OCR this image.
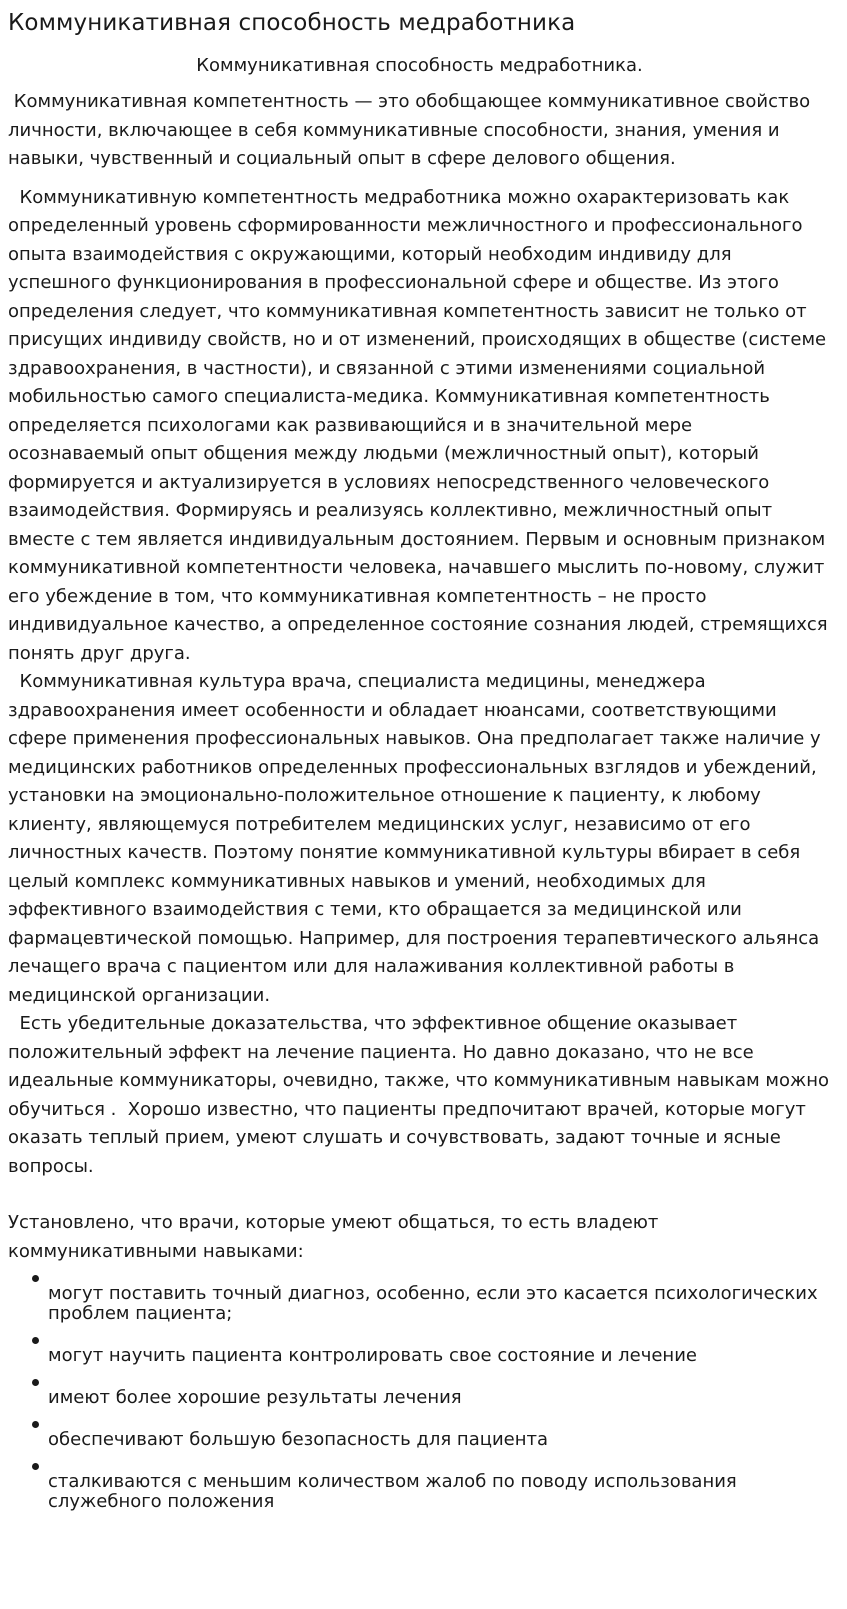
Коммуникативная способность медработника
Коммуникативная способность медработника.

Коммуникативная компетентность — это обобщающее коммуникативное свойство личности, включающее в себя коммуникативные способности, знания, умения и навыки, чувственный и социальный опыт в сфере делового общения.

Коммуникативную компетентность медработника можно охарактеризовать как определенный уровень сформированности межличностного и профессионального опыта взаимодействия с окружающими, который необходим индивиду для успешного функционирования в профессиональной сфере и обществе. Из этого определения следует, что коммуникативная компетентность зависит не только от присущих индивиду свойств, но и от изменений, происходящих в обществе (системе здравоохранения, в частности), и связанной с этими изменениями социальной мобильностью самого специалиста-медика. Коммуникативная компетентность определяется психологами как развивающийся и в значительной мере осознаваемый опыт общения между людьми (межличностный опыт), который формируется и актуализируется в условиях непосредственного человеческого взаимодействия. Формируясь и реализуясь коллективно, межличностный опыт вместе с тем является индивидуальным достоянием. Первым и основным признаком коммуникативной компетентности человека, начавшего мыслить по-новому, служит его убеждение в том, что коммуникативная компетентность – не просто индивидуальное качество, а определенное состояние сознания людей, стремящихся понять друг друга.

Коммуникативная культура врача, специалиста медицины, менеджера здравоохранения имеет особенности и обладает нюансами, соответствующими сфере применения профессиональных навыков. Она предполагает также наличие у медицинских работников определенных профессиональных взглядов и убеждений, установки на эмоционально-положительное отношение к пациенту, к любому клиенту, являющемуся потребителем медицинских услуг, независимо от его личностных качеств. Поэтому понятие коммуникативной культуры вбирает в себя целый комплекс коммуникативных навыков и умений, необходимых для эффективного взаимодействия с теми, кто обращается за медицинской или фармацевтической помощью. Например, для построения терапевтического альянса лечащего врача с пациентом или для налаживания коллективной работы в медицинской организации.

Есть убедительные доказательства, что эффективное общение оказывает положительный эффект на лечение пациента. Но давно доказано, что не все идеальные коммуникаторы, очевидно, также, что коммуникативным навыкам можно обучиться .  Хорошо известно, что пациенты предпочитают врачей, которые могут оказать теплый прием, умеют слушать и сочувствовать, задают точные и ясные вопросы.

Установлено, что врачи, которые умеют общаться, то есть владеют коммуникативными навыками:

могут поставить точный диагноз, особенно, если это касается психологических проблем пациента;
могут научить пациента контролировать свое состояние и лечение
имеют более хорошие результаты лечения
обеспечивают большую безопасность для пациента
сталкиваются с меньшим количеством жалоб по поводу использования служебного положения
